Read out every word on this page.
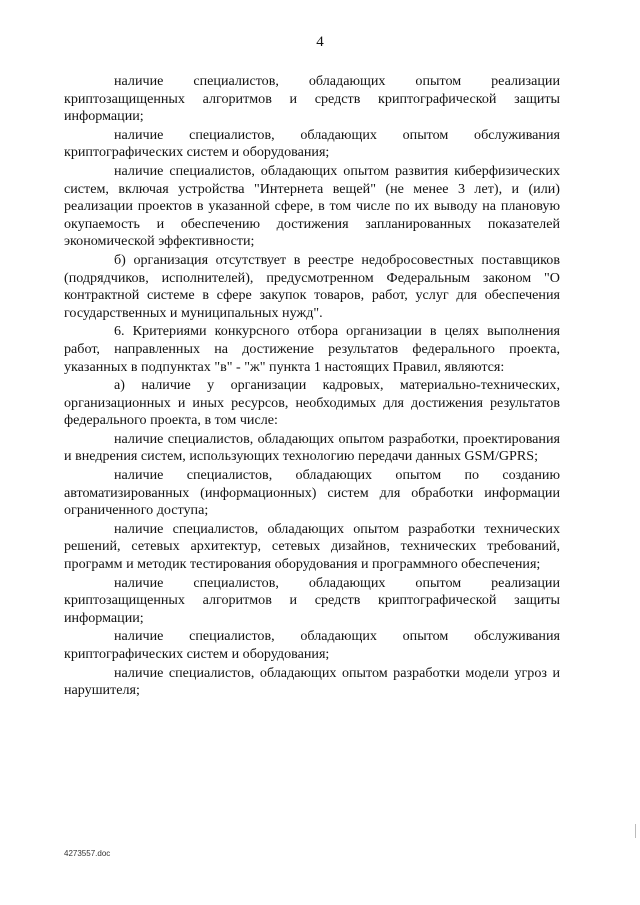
4

наличие специалистов, обладающих опытом реализации криптозащищенных алгоритмов и средств криптографической защиты информации;

наличие специалистов, обладающих опытом обслуживания криптографических систем и оборудования;

наличие специалистов, обладающих опытом развития киберфизических систем, включая устройства "Интернета вещей" (не менее 3 лет), и (или) реализации проектов в указанной сфере, в том числе по их выводу на плановую окупаемость и обеспечению достижения запланированных показателей экономической эффективности;

б) организация отсутствует в реестре недобросовестных поставщиков (подрядчиков, исполнителей), предусмотренном Федеральным законом "О контрактной системе в сфере закупок товаров, работ, услуг для обеспечения государственных и муниципальных нужд".

6. Критериями конкурсного отбора организации в целях выполнения работ, направленных на достижение результатов федерального проекта, указанных в подпунктах "в" - "ж" пункта 1 настоящих Правил, являются:

а) наличие у организации кадровых, материально-технических, организационных и иных ресурсов, необходимых для достижения результатов федерального проекта, в том числе:

наличие специалистов, обладающих опытом разработки, проектирования и внедрения систем, использующих технологию передачи данных GSM/GPRS;

наличие специалистов, обладающих опытом по созданию автоматизированных (информационных) систем для обработки информации ограниченного доступа;

наличие специалистов, обладающих опытом разработки технических решений, сетевых архитектур, сетевых дизайнов, технических требований, программ и методик тестирования оборудования и программного обеспечения;

наличие специалистов, обладающих опытом реализации криптозащищенных алгоритмов и средств криптографической защиты информации;

наличие специалистов, обладающих опытом обслуживания криптографических систем и оборудования;

наличие специалистов, обладающих опытом разработки модели угроз и нарушителя;

4273557.doc
